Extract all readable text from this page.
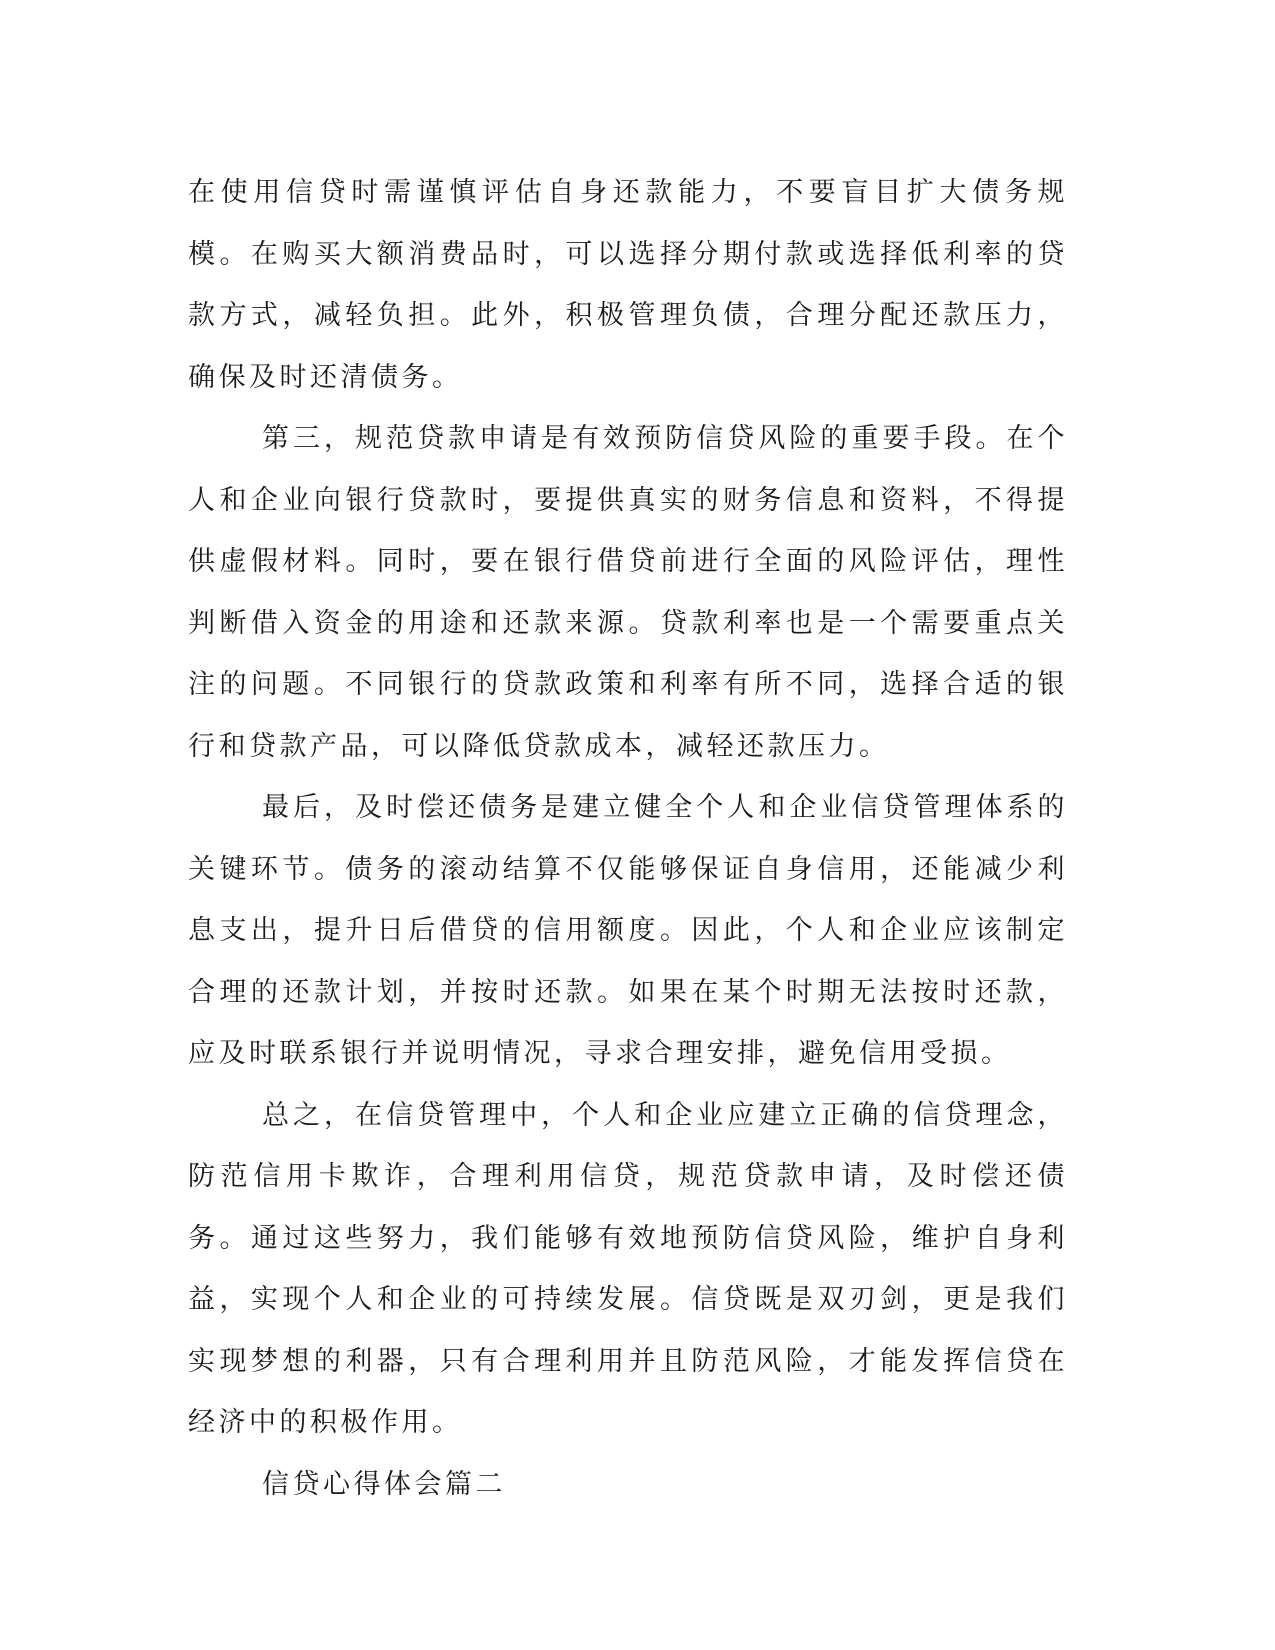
在使用信贷时需谨慎评估自身还款能力，不要盲目扩大债务规模。在购买大额消费品时，可以选择分期付款或选择低利率的贷款方式，减轻负担。此外，积极管理负债，合理分配还款压力，确保及时还清债务。

第三，规范贷款申请是有效预防信贷风险的重要手段。在个人和企业向银行贷款时，要提供真实的财务信息和资料，不得提供虚假材料。同时，要在银行借贷前进行全面的风险评估，理性判断借入资金的用途和还款来源。贷款利率也是一个需要重点关注的问题。不同银行的贷款政策和利率有所不同，选择合适的银行和贷款产品，可以降低贷款成本，减轻还款压力。

最后，及时偿还债务是建立健全个人和企业信贷管理体系的关键环节。债务的滚动结算不仅能够保证自身信用，还能减少利息支出，提升日后借贷的信用额度。因此，个人和企业应该制定合理的还款计划，并按时还款。如果在某个时期无法按时还款，应及时联系银行并说明情况，寻求合理安排，避免信用受损。

总之，在信贷管理中，个人和企业应建立正确的信贷理念，防范信用卡欺诈，合理利用信贷，规范贷款申请，及时偿还债务。通过这些努力，我们能够有效地预防信贷风险，维护自身利益，实现个人和企业的可持续发展。信贷既是双刃剑，更是我们实现梦想的利器，只有合理利用并且防范风险，才能发挥信贷在经济中的积极作用。

信贷心得体会篇二
